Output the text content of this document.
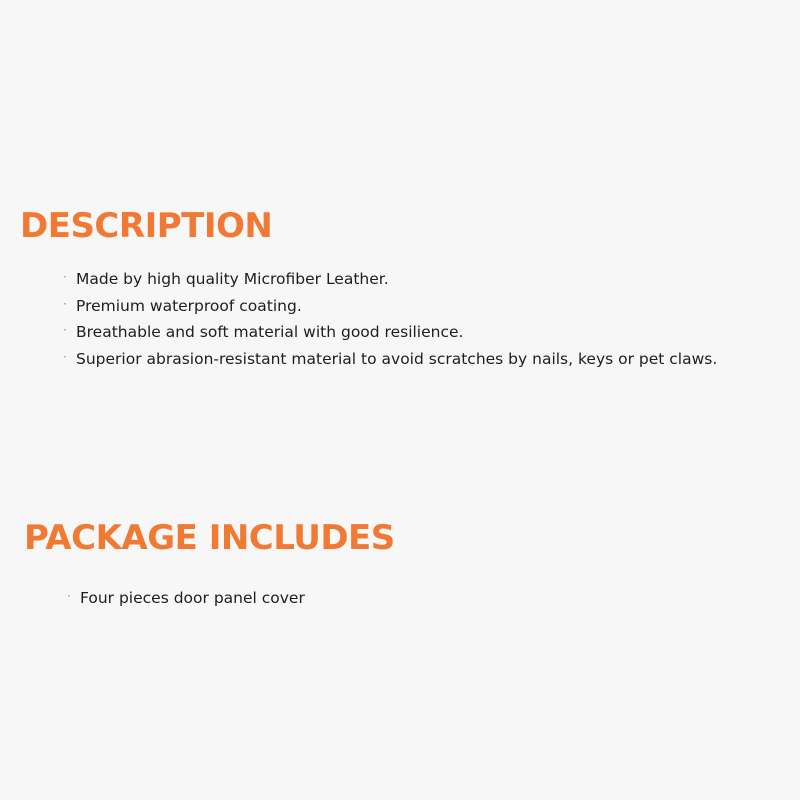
DESCRIPTION
· Made by high quality Microfiber Leather.
· Premium waterproof coating.
· Breathable and soft material with good resilience.
· Superior abrasion-resistant material to avoid scratches by nails, keys or pet claws.
PACKAGE INCLUDES
· Four pieces door panel cover
